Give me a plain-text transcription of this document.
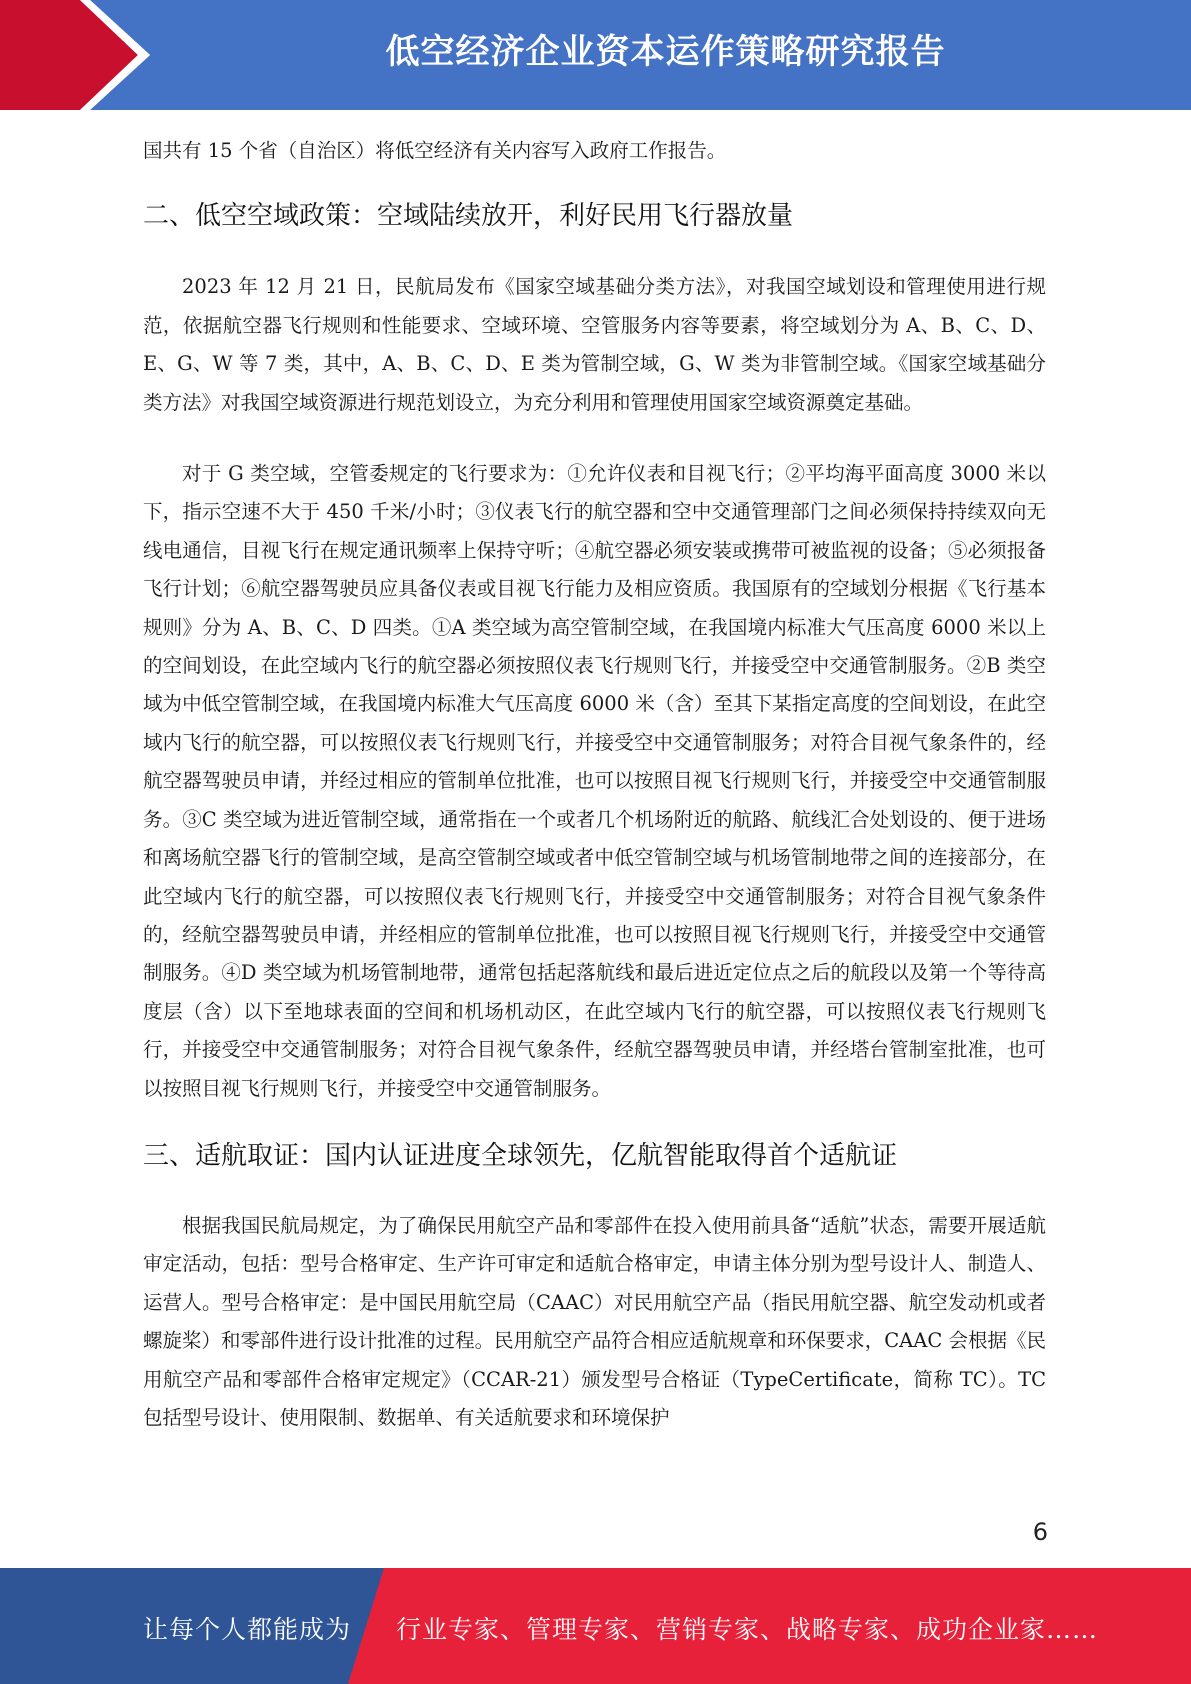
低空经济企业资本运作策略研究报告

国共有 15 个省（自治区）将低空经济有关内容写入政府工作报告。

二、低空空域政策：空域陆续放开，利好民用飞行器放量

2023 年 12 月 21 日，民航局发布《国家空域基础分类方法》，对我国空域划设和管理使用进行规范，依据航空器飞行规则和性能要求、空域环境、空管服务内容等要素，将空域划分为 A、B、C、D、E、G、W 等 7 类，其中，A、B、C、D、E 类为管制空域，G、W 类为非管制空域。《国家空域基础分类方法》对我国空域资源进行规范划设立，为充分利用和管理使用国家空域资源奠定基础。

对于 G 类空域，空管委规定的飞行要求为：①允许仪表和目视飞行；②平均海平面高度 3000 米以下，指示空速不大于 450 千米/小时；③仪表飞行的航空器和空中交通管理部门之间必须保持持续双向无线电通信，目视飞行在规定通讯频率上保持守听；④航空器必须安装或携带可被监视的设备；⑤必须报备飞行计划；⑥航空器驾驶员应具备仪表或目视飞行能力及相应资质。我国原有的空域划分根据《飞行基本规则》分为 A、B、C、D 四类。①A 类空域为高空管制空域，在我国境内标准大气压高度 6000 米以上的空间划设，在此空域内飞行的航空器必须按照仪表飞行规则飞行，并接受空中交通管制服务。②B 类空域为中低空管制空域，在我国境内标准大气压高度 6000 米（含）至其下某指定高度的空间划设，在此空域内飞行的航空器，可以按照仪表飞行规则飞行，并接受空中交通管制服务；对符合目视气象条件的，经航空器驾驶员申请，并经过相应的管制单位批准，也可以按照目视飞行规则飞行，并接受空中交通管制服务。③C 类空域为进近管制空域，通常指在一个或者几个机场附近的航路、航线汇合处划设的、便于进场和离场航空器飞行的管制空域，是高空管制空域或者中低空管制空域与机场管制地带之间的连接部分，在此空域内飞行的航空器，可以按照仪表飞行规则飞行，并接受空中交通管制服务；对符合目视气象条件的，经航空器驾驶员申请，并经相应的管制单位批准，也可以按照目视飞行规则飞行，并接受空中交通管制服务。④D 类空域为机场管制地带，通常包括起落航线和最后进近定位点之后的航段以及第一个等待高度层（含）以下至地球表面的空间和机场机动区，在此空域内飞行的航空器，可以按照仪表飞行规则飞行，并接受空中交通管制服务；对符合目视气象条件，经航空器驾驶员申请，并经塔台管制室批准，也可以按照目视飞行规则飞行，并接受空中交通管制服务。

三、适航取证：国内认证进度全球领先，亿航智能取得首个适航证

根据我国民航局规定，为了确保民用航空产品和零部件在投入使用前具备“适航”状态，需要开展适航审定活动，包括：型号合格审定、生产许可审定和适航合格审定，申请主体分别为型号设计人、制造人、运营人。型号合格审定：是中国民用航空局（CAAC）对民用航空产品（指民用航空器、航空发动机或者螺旋桨）和零部件进行设计批准的过程。民用航空产品符合相应适航规章和环保要求，CAAC 会根据《民用航空产品和零部件合格审定规定》（CCAR-21）颁发型号合格证（TypeCertificate，简称 TC）。TC 包括型号设计、使用限制、数据单、有关适航要求和环境保护

6
让每个人都能成为 行业专家、管理专家、营销专家、战略专家、成功企业家……
